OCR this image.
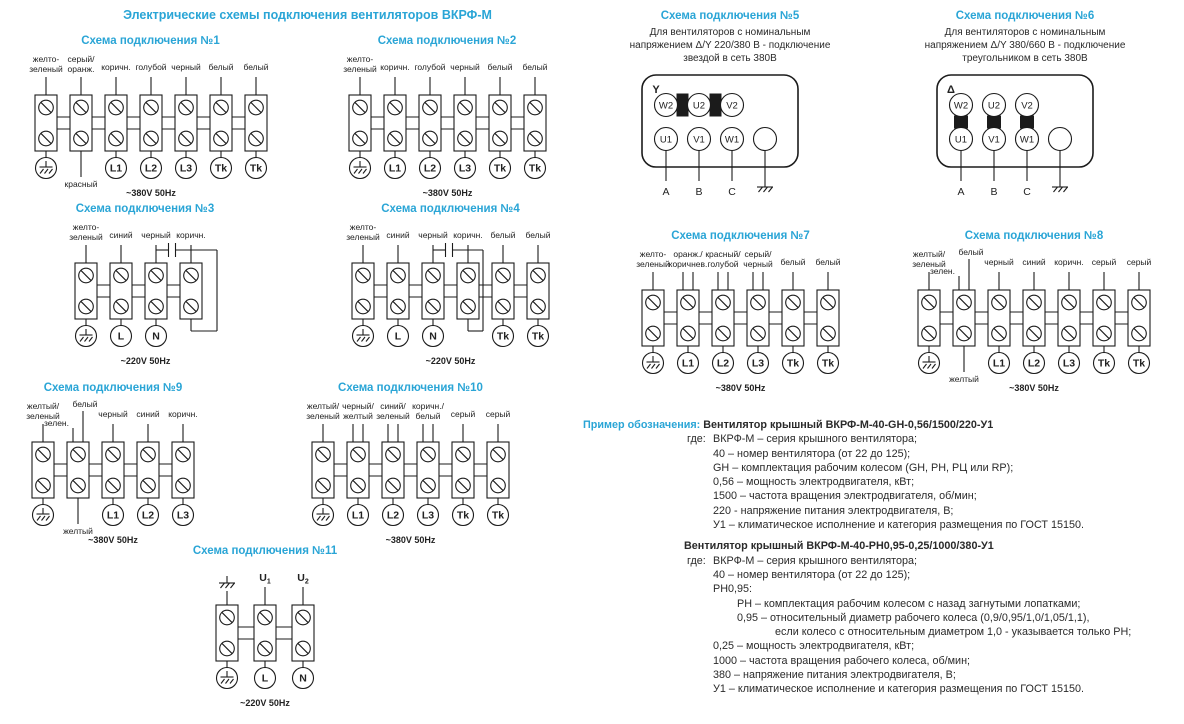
Электрические схемы подключения вентиляторов ВКРФ-М
Схема подключения №1
желто-
зеленый
серый/
оранж.
красный
коричн.
L1
голубой
L2
черный
L3
белый
Tk
белый
Tk
~380V 50Hz
Схема подключения №2
желто-
зеленый коричн.
L1
голубой
L2
черный
L3
белый
Tk
белый
Tk
~380V 50Hz
Схема подключения №3
желто-
зеленый синий
L
черный
N
коричн.
~220V 50Hz
Схема подключения №4
желто-
зеленый синий
L
черный
N
коричн. белый
Tk
белый
Tk
~220V 50Hz
Схема подключения №5
Для вентиляторов с номинальным
напряжением Δ/Y 220/380 В - подключение
звездой в сеть 380В
Y
W2 U2 V2
U1
A
V1
B
W1
C
Схема подключения №6
Для вентиляторов с номинальным
напряжением Δ/Y 380/660 В - подключение
треугольником в сеть 380В
Δ
W2 U2 V2
U1
A
V1
B
W1
C
Схема подключения №7
желто-
зеленый
оранж./
коричнев.
L1
красный/
голубой
L2
серый/
черный
L3
белый
Tk
белый
Tk
~380V 50Hz
Схема подключения №8
желтый/
зеленый
белый
зелен.
желтый
черный
L1
синий
L2
коричн.
L3
серый
Tk
серый
Tk
~380V 50Hz
Схема подключения №9
желтый/
зеленый
белый
зелен.
желтый
черный
L1
синий
L2
коричн.
L3
~380V 50Hz
Схема подключения №10
желтый/
зеленый
черный/
желтый
L1
синий/
зеленый
L2
коричн./
белый
L3
серый
Tk
серый
Tk
~380V 50Hz
Схема подключения №11
$U_1$
L
$U_2$
N
~220V 50Hz
Пример обозначения: Вентилятор крышный ВКРФ-М-40-GH-0,56/1500/220-У1
где: ВКРФ-М – серия крышного вентилятора;
40 – номер вентилятора (от 22 до 125);
GH – комплектация рабочим колесом (GH, РН, РЦ или RP);
0,56 – мощность электродвигателя, кВт;
1500 – частота вращения электродвигателя, об/мин;
220 - напряжение питания электродвигателя, В;
У1 – климатическое исполнение и категория размещения по ГОСТ 15150.
Вентилятор крышный ВКРФ-М-40-РН0,95-0,25/1000/380-У1
где: ВКРФ-М – серия крышного вентилятора;
40 – номер вентилятора (от 22 до 125);
РН0,95:
РН – комплектация рабочим колесом с назад загнутыми лопатками;
0,95 – относительный диаметр рабочего колеса (0,9/0,95/1,0/1,05/1,1),
если колесо с относительным диаметром 1,0 - указывается только РН;
0,25 – мощность электродвигателя, кВт;
1000 – частота вращения рабочего колеса, об/мин;
380 – напряжение питания электродвигателя, В;
У1 – климатическое исполнение и категория размещения по ГОСТ 15150.
